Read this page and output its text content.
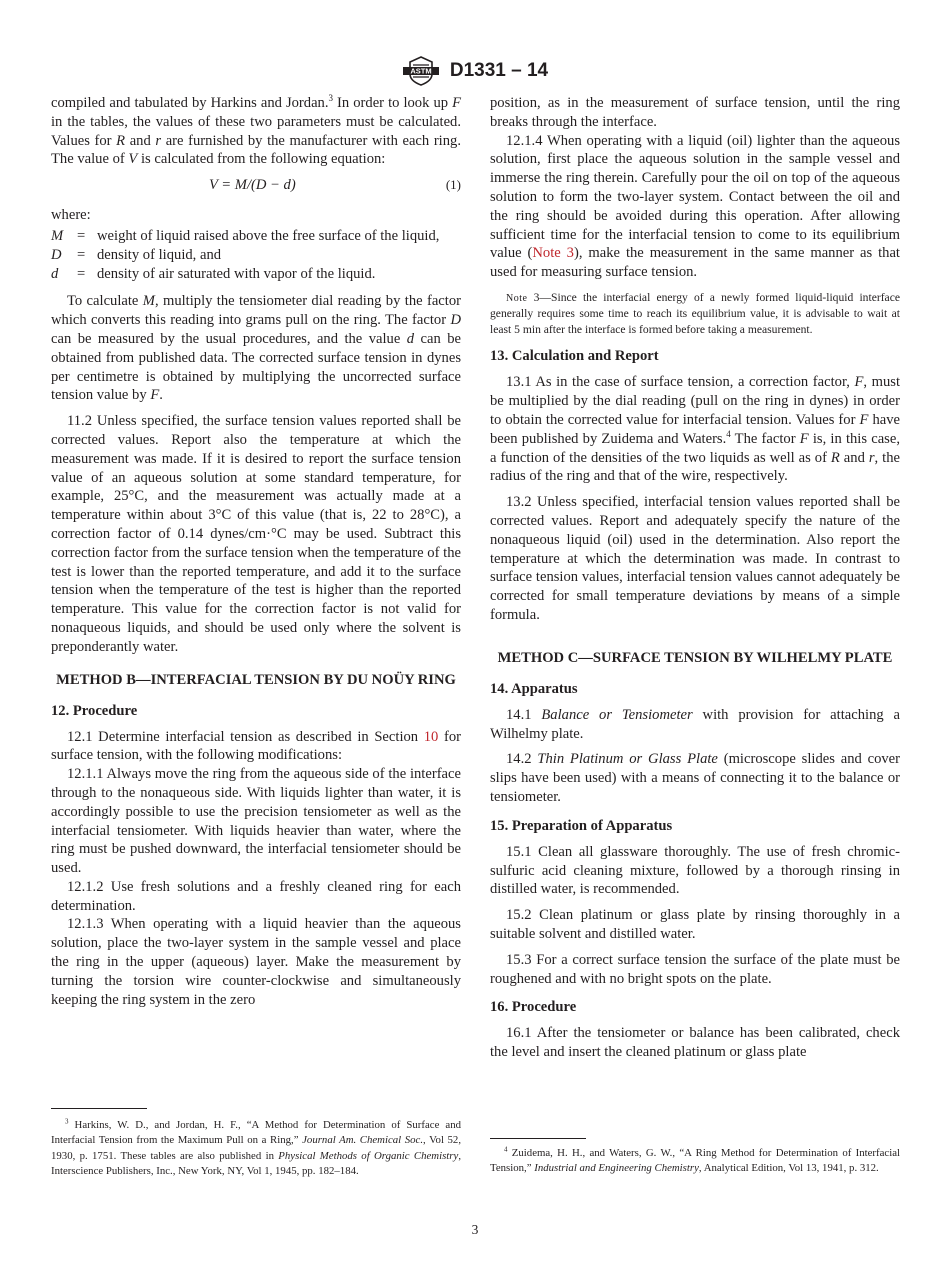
ASTM D1331 – 14

compiled and tabulated by Harkins and Jordan.$^3$ In order to look up F in the tables, the values of these two parameters must be calculated. Values for R and r are furnished by the manufacturer with each ring. The value of V is calculated from the following equation:

V = M/(D − d)	(1)
where:
M = weight of liquid raised above the free surface of the liquid,
D	= density of liquid, and
d	= density of air saturated with vapor of the liquid.

To calculate M, multiply the tensiometer dial reading by the factor which converts this reading into grams pull on the ring. The factor D can be measured by the usual procedures, and the value d can be obtained from published data. The corrected surface tension in dynes per centimetre is obtained by multiplying the uncorrected surface tension value by F.

11.2 Unless specified, the surface tension values reported shall be corrected values. Report also the temperature at which the measurement was made. If it is desired to report the surface tension value of an aqueous solution at some standard temperature, for example, 25°C, and the measurement was actually made at a temperature within about 3°C of this value (that is, 22 to 28°C), a correction factor of 0.14 dynes/cm·°C may be used. Subtract this correction factor from the surface tension when the temperature of the test is lower than the reported temperature, and add it to the surface tension when the temperature of the test is higher than the reported temperature. This value for the correction factor is not valid for nonaqueous liquids, and should be used only where the solvent is preponderantly water.

METHOD B—INTERFACIAL TENSION BY DU NOÜY RING
12. Procedure

12.1 Determine interfacial tension as described in Section 10 for surface tension, with the following modifications:

12.1.1 Always move the ring from the aqueous side of the interface through to the nonaqueous side. With liquids lighter than water, it is accordingly possible to use the precision tensiometer as well as the interfacial tensiometer. With liquids heavier than water, where the ring must be pushed downward, the interfacial tensiometer should be used.

12.1.2 Use fresh solutions and a freshly cleaned ring for each determination.

12.1.3 When operating with a liquid heavier than the aqueous solution, place the two-layer system in the sample vessel and place the ring in the upper (aqueous) layer. Make the measurement by turning the torsion wire counter-clockwise and simultaneously keeping the ring system in the zero

$^3$ Harkins, W. D., and Jordan, H. F., “A Method for Determination of Surface and Interfacial Tension from the Maximum Pull on a Ring,” Journal Am. Chemical Soc., Vol 52, 1930, p. 1751. These tables are also published in Physical Methods of Organic Chemistry, Interscience Publishers, Inc., New York, NY, Vol 1, 1945, pp. 182–184.

position, as in the measurement of surface tension, until the ring breaks through the interface.

12.1.4 When operating with a liquid (oil) lighter than the aqueous solution, first place the aqueous solution in the sample vessel and immerse the ring therein. Carefully pour the oil on top of the aqueous solution to form the two-layer system. Contact between the oil and the ring should be avoided during this operation. After allowing sufficient time for the interfacial tension to come to its equilibrium value (Note 3), make the measurement in the same manner as that used for measuring surface tension.

Note 3—Since the interfacial energy of a newly formed liquid-liquid interface generally requires some time to reach its equilibrium value, it is advisable to wait at least 5 min after the interface is formed before taking a measurement.
13. Calculation and Report

13.1 As in the case of surface tension, a correction factor, F, must be multiplied by the dial reading (pull on the ring in dynes) in order to obtain the corrected value for interfacial tension. Values for F have been published by Zuidema and Waters.$^4$ The factor F is, in this case, a function of the densities of the two liquids as well as of R and r, the radius of the ring and that of the wire, respectively.

13.2 Unless specified, interfacial tension values reported shall be corrected values. Report and adequately specify the nature of the nonaqueous liquid (oil) used in the determination. Also report the temperature at which the determination was made. In contrast to surface tension values, interfacial tension values cannot adequately be corrected for small temperature deviations by means of a simple formula.

METHOD C—SURFACE TENSION BY WILHELMY PLATE
14. Apparatus

14.1 Balance or Tensiometer with provision for attaching a Wilhelmy plate.

14.2 Thin Platinum or Glass Plate (microscope slides and cover slips have been used) with a means of connecting it to the balance or tensiometer.

15. Preparation of Apparatus

15.1 Clean all glassware thoroughly. The use of fresh chromic-sulfuric acid cleaning mixture, followed by a thorough rinsing in distilled water, is recommended.

15.2 Clean platinum or glass plate by rinsing thoroughly in a suitable solvent and distilled water.

15.3 For a correct surface tension the surface of the plate must be roughened and with no bright spots on the plate.

16. Procedure

16.1 After the tensiometer or balance has been calibrated, check the level and insert the cleaned platinum or glass plate

$^4$ Zuidema, H. H., and Waters, G. W., “A Ring Method for Determination of Interfacial Tension,” Industrial and Engineering Chemistry, Analytical Edition, Vol 13, 1941, p. 312.
3
